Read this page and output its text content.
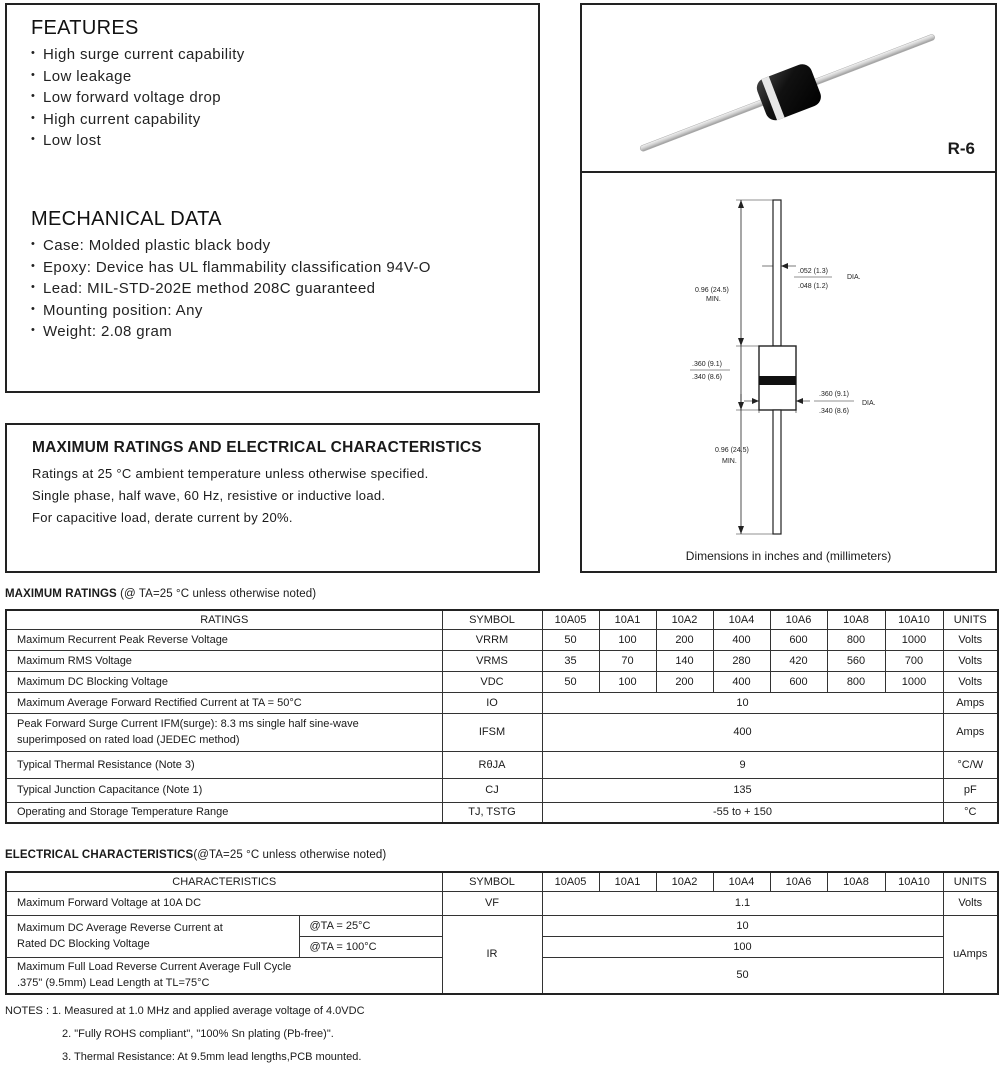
FEATURES
• High surge current capability
• Low leakage
• Low forward voltage drop
• High current capability
• Low lost
MECHANICAL DATA
• Case: Molded plastic black body
• Epoxy: Device has UL flammability classification 94V-O
• Lead: MIL-STD-202E method 208C guaranteed
• Mounting position: Any
• Weight: 2.08 gram
MAXIMUM RATINGS AND ELECTRICAL CHARACTERISTICS

Ratings at 25 °C ambient temperature unless otherwise specified.

Single phase, half wave, 60 Hz, resistive or inductive load.

For capacitive load, derate current by 20%.

R-6
0.96 (24.5)
MIN.
.052 (1.3)
.048 (1.2)
DIA.
.360 (9.1)
.340 (8.6)
.360 (9.1)
.340 (8.6)
DIA.
0.96 (24.5)
MIN.
Dimensions in inches and (millimeters)
MAXIMUM RATINGS (@ TA=25 °C unless otherwise noted)
RATINGS	SYMBOL	10A05	10A1	10A2	10A4	10A6	10A8	10A10	UNITS
Maximum Recurrent Peak Reverse Voltage	VRRM	50	100	200	400	600	800	1000	Volts
Maximum RMS Voltage	VRMS	35	70	140	280	420	560	700	Volts
Maximum DC Blocking Voltage	VDC	50	100	200	400	600	800	1000	Volts
Maximum Average Forward Rectified Current at TA = 50°C	IO	10							Amps

Peak Forward Surge Current IFM(surge): 8.3 ms single half sine-wave
superimposed on rated load (JEDEC method)	IFSM	400							Amps
Typical Thermal Resistance (Note 3)	RθJA	9							°C/W
Typical Junction Capacitance (Note 1)	CJ	135							pF
Operating and Storage Temperature Range	TJ, TSTG	-55 to + 150							°C
ELECTRICAL CHARACTERISTICS(@TA=25 °C unless otherwise noted)
CHARACTERISTICS		SYMBOL	10A05	10A1	10A2	10A4	10A6	10A8	10A10	UNITS
Maximum Forward Voltage at 10A DC		VF	1.1							Volts

Maximum DC Average Reverse Current at
Rated DC Blocking Voltage	@TA = 25°C	IR	10							uAmps
	@TA = 100°C		100							

Maximum Full Load Reverse Current Average Full Cycle
.375" (9.5mm) Lead Length at TL=75°C			50							
NOTES : 1. Measured at 1.0 MHz and applied average voltage of 4.0VDC
2. "Fully ROHS compliant", "100% Sn plating (Pb-free)".
3. Thermal Resistance: At 9.5mm lead lengths,PCB mounted.
